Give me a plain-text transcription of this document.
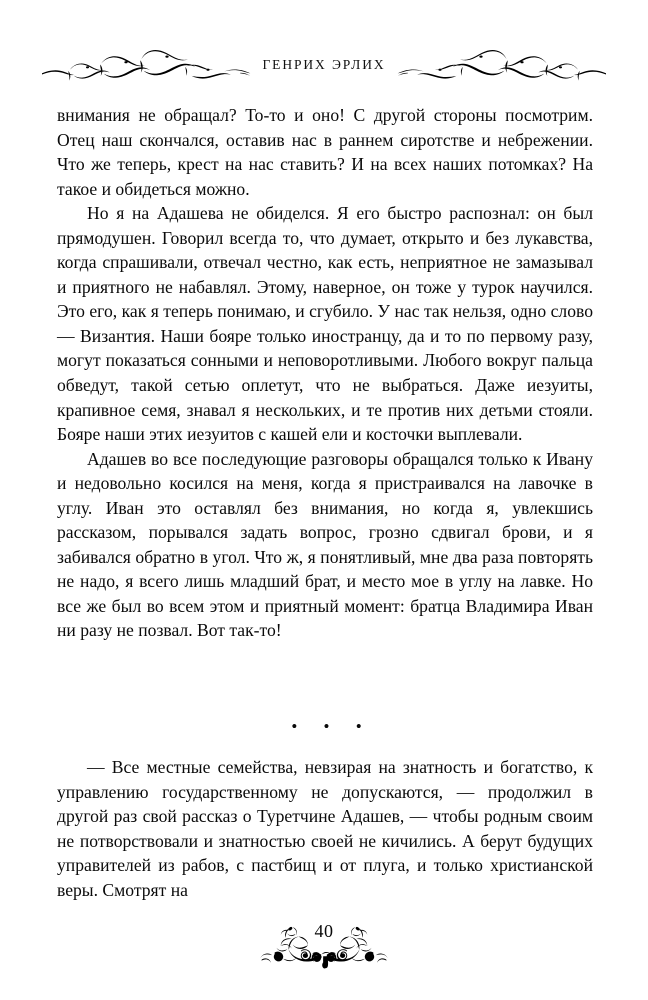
ГЕНРИХ ЭРЛИХ

внимания не обращал? То-то и оно! С другой стороны посмотрим. Отец наш скончался, оставив нас в раннем сиротстве и небрежении. Что же теперь, крест на нас ставить? И на всех наших потомках? На такое и обидеться можно.

Но я на Адашева не обиделся. Я его быстро распознал: он был прямодушен. Говорил всегда то, что думает, открыто и без лукавства, когда спрашивали, отвечал честно, как есть, неприятное не замазывал и приятного не набавлял. Этому, наверное, он тоже у турок научился. Это его, как я теперь понимаю, и сгубило. У нас так нельзя, одно слово — Византия. Наши бояре только иностранцу, да и то по первому разу, могут показаться сонными и неповоротливыми. Любого вокруг пальца обведут, такой сетью оплетут, что не выбраться. Даже иезуиты, крапивное семя, знавал я нескольких, и те против них детьми стояли. Бояре наши этих иезуитов с кашей ели и косточки выплевали.

Адашев во все последующие разговоры обращался только к Ивану и недовольно косился на меня, когда я пристраивался на лавочке в углу. Иван это оставлял без внимания, но когда я, увлекшись рассказом, порывался задать вопрос, грозно сдвигал брови, и я забивался обратно в угол. Что ж, я понятливый, мне два раза повторять не надо, я всего лишь младший брат, и место мое в углу на лавке. Но все же был во всем этом и приятный момент: братца Владимира Иван ни разу не позвал. Вот так-то!

• • •

— Все местные семейства, невзирая на знатность и богатство, к управлению государственному не допускаются, — продолжил в другой раз свой рассказ о Туретчине Адашев, — чтобы родным своим не потворствовали и знатностью своей не кичились. А берут будущих управителей из рабов, с пастбищ и от плуга, и только христианской веры. Смотрят на

40
